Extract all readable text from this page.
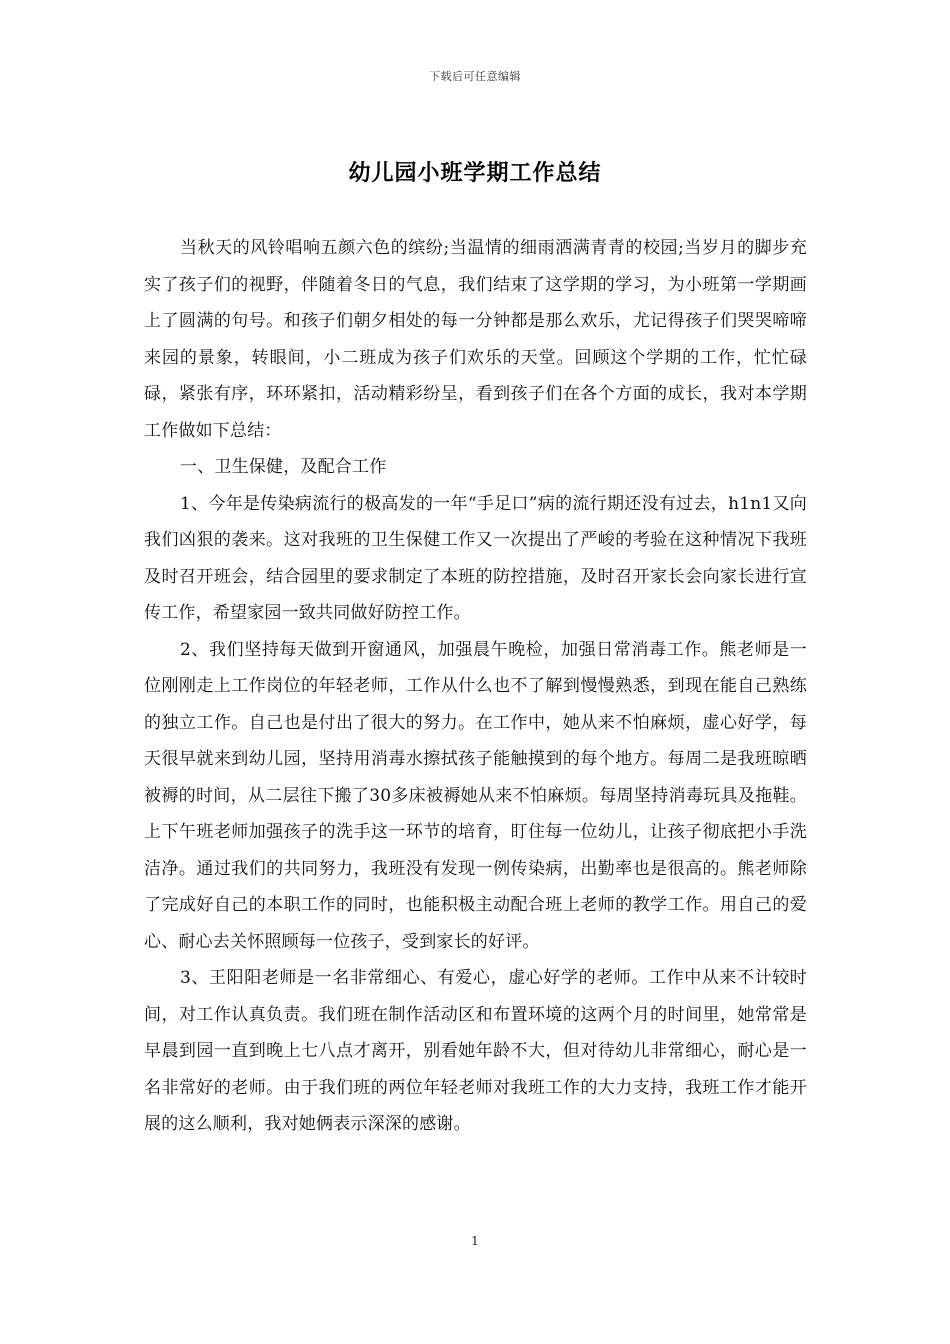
下载后可任意编辑
幼儿园小班学期工作总结

当秋天的风铃唱响五颜六色的缤纷;当温情的细雨洒满青青的校园;当岁月的脚步充实了孩子们的视野，伴随着冬日的气息，我们结束了这学期的学习，为小班第一学期画上了圆满的句号。和孩子们朝夕相处的每一分钟都是那么欢乐，尤记得孩子们哭哭啼啼来园的景象，转眼间，小二班成为孩子们欢乐的天堂。回顾这个学期的工作，忙忙碌碌，紧张有序，环环紧扣，活动精彩纷呈，看到孩子们在各个方面的成长，我对本学期工作做如下总结：

一、卫生保健，及配合工作

1、今年是传染病流行的极高发的一年“手足口”病的流行期还没有过去，h1n1又向我们凶狠的袭来。这对我班的卫生保健工作又一次提出了严峻的考验在这种情况下我班及时召开班会，结合园里的要求制定了本班的防控措施，及时召开家长会向家长进行宣传工作，希望家园一致共同做好防控工作。

2、我们坚持每天做到开窗通风，加强晨午晚检，加强日常消毒工作。熊老师是一位刚刚走上工作岗位的年轻老师，工作从什么也不了解到慢慢熟悉，到现在能自己熟练的独立工作。自己也是付出了很大的努力。在工作中，她从来不怕麻烦，虚心好学，每天很早就来到幼儿园，坚持用消毒水擦拭孩子能触摸到的每个地方。每周二是我班晾晒被褥的时间，从二层往下搬了30多床被褥她从来不怕麻烦。每周坚持消毒玩具及拖鞋。上下午班老师加强孩子的洗手这一环节的培育，盯住每一位幼儿，让孩子彻底把小手洗洁净。通过我们的共同努力，我班没有发现一例传染病，出勤率也是很高的。熊老师除了完成好自己的本职工作的同时，也能积极主动配合班上老师的教学工作。用自己的爱心、耐心去关怀照顾每一位孩子，受到家长的好评。

3、王阳阳老师是一名非常细心、有爱心，虚心好学的老师。工作中从来不计较时间，对工作认真负责。我们班在制作活动区和布置环境的这两个月的时间里，她常常是早晨到园一直到晚上七八点才离开，别看她年龄不大，但对待幼儿非常细心，耐心是一名非常好的老师。由于我们班的两位年轻老师对我班工作的大力支持，我班工作才能开展的这么顺利，我对她俩表示深深的感谢。

1
